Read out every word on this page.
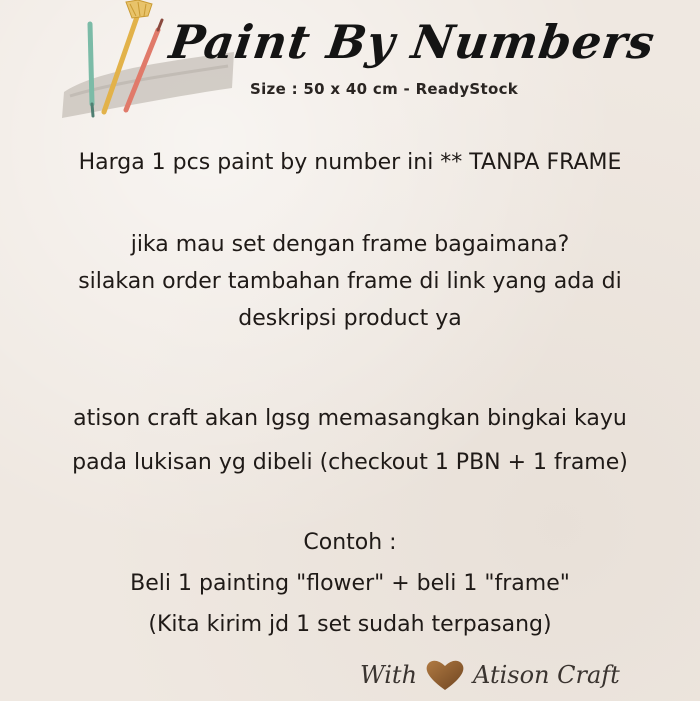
Paint By Numbers
Size : 50 x 40 cm - ReadyStock
Harga 1 pcs paint by number ini ** TANPA FRAME
jika mau set dengan frame bagaimana?
silakan order tambahan frame di link yang ada di
deskripsi product ya
atison craft akan lgsg memasangkan bingkai kayu
pada lukisan yg dibeli (checkout 1 PBN + 1 frame)
Contoh :
Beli 1 painting "flower" + beli 1 "frame"
(Kita kirim jd 1 set sudah terpasang)
With Atison Craft
